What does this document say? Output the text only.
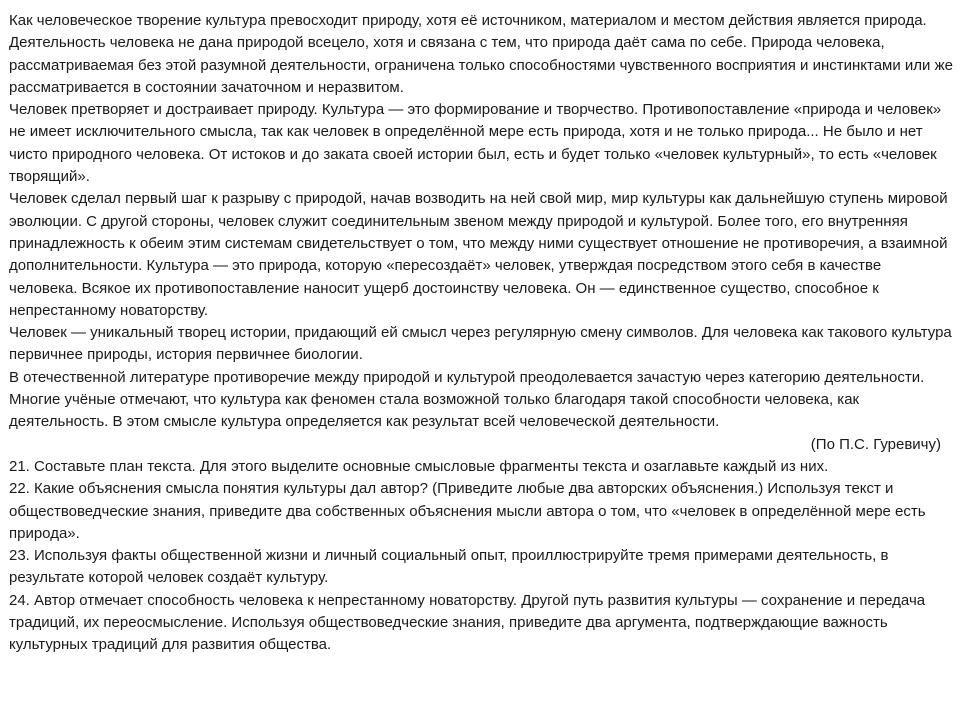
Как человеческое творение культура превосходит природу, хотя её источником, материалом и местом действия является природа. Деятельность человека не дана природой всецело, хотя и связана с тем, что природа даёт сама по себе. Природа человека, рассматриваемая без этой разумной деятельности, ограничена только способностями чувственного восприятия и инстинктами или же рассматривается в состоянии зачаточном и неразвитом.

Человек претворяет и достраивает природу. Культура — это формирование и творчество. Противопоставление «природа и человек» не имеет исключительного смысла, так как человек в определённой мере есть природа, хотя и не только природа... Не было и нет чисто природного человека. От истоков и до заката своей истории был, есть и будет только «человек культурный», то есть «человек творящий».

Человек сделал первый шаг к разрыву с природой, начав возводить на ней свой мир, мир культуры как дальнейшую ступень мировой эволюции. С другой стороны, человек служит соединительным звеном между природой и культурой. Более того, его внутренняя принадлежность к обеим этим системам свидетельствует о том, что между ними существует отношение не противоречия, а взаимной дополнительности. Культура — это природа, которую «пересоздаёт» человек, утверждая посредством этого себя в качестве человека. Всякое их противопоставление наносит ущерб достоинству человека. Он — единственное существо, способное к непрестанному новаторству.

Человек — уникальный творец истории, придающий ей смысл через регулярную смену символов. Для человека как такового культура первичнее природы, история первичнее биологии.

В отечественной литературе противоречие между природой и культурой преодолевается зачастую через категорию деятельности. Многие учёные отмечают, что культура как феномен стала возможной только благодаря такой способности человека, как деятельность. В этом смысле культура определяется как результат всей человеческой деятельности.

(По П.С. Гуревичу)

21. Составьте план текста. Для этого выделите основные смысловые фрагменты текста и озаглавьте каждый из них.

22. Какие объяснения смысла понятия культуры дал автор? (Приведите любые два авторских объяснения.) Используя текст и обществоведческие знания, приведите два собственных объяснения мысли автора о том, что «человек в определённой мере есть природа».

23. Используя факты общественной жизни и личный социальный опыт, проиллюстрируйте тремя примерами деятельность, в результате которой человек создаёт культуру.

24. Автор отмечает способность человека к непрестанному новаторству. Другой путь развития культуры — сохранение и передача традиций, их переосмысление. Используя обществоведческие знания, приведите два аргумента, подтверждающие важность культурных традиций для развития общества.
